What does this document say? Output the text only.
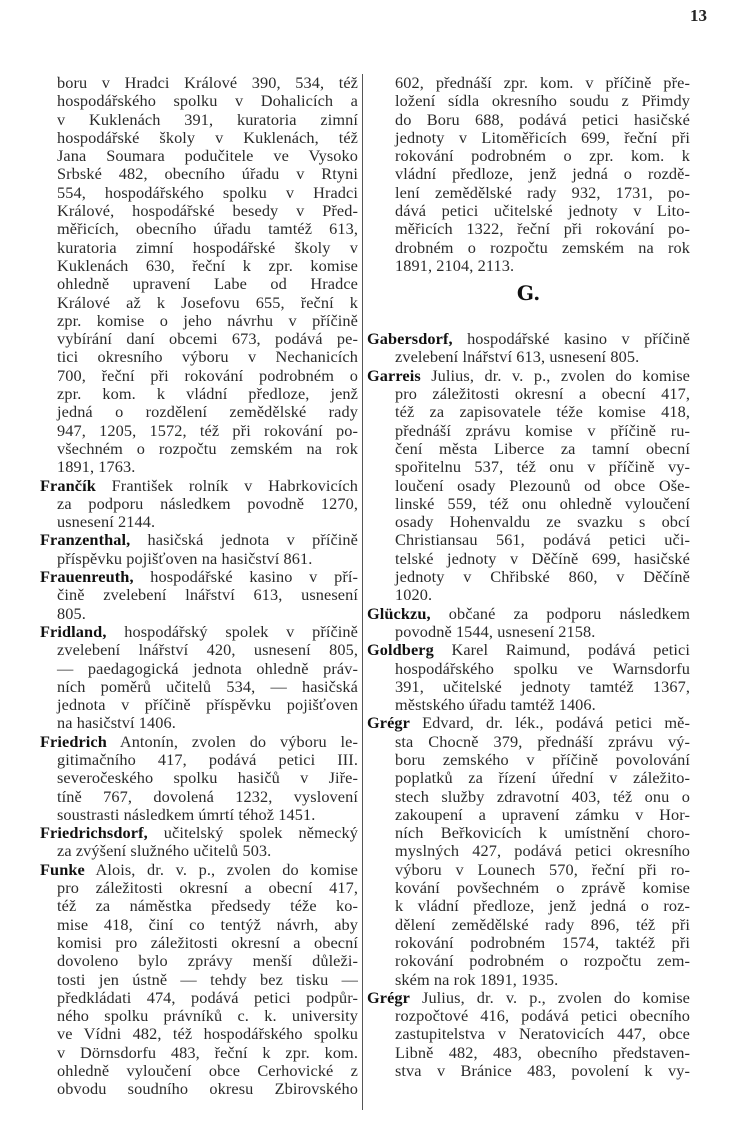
13
boru v Hradci Králové 390, 534, též
hospodářského spolku v Dohalicích a
v Kuklenách 391, kuratoria zimní
hospodářské školy v Kuklenách, též
Jana Soumara podučitele ve Vysoko
Srbské 482, obecního úřadu v Rtyni
554, hospodářského spolku v Hradci
Králové, hospodářské besedy v Před-
měřicích, obecního úřadu tamtéž 613,
kuratoria zimní hospodářské školy v
Kuklenách 630, řeční k zpr. komise
ohledně upravení Labe od Hradce
Králové až k Josefovu 655, řeční k
zpr. komise o jeho návrhu v příčině
vybírání daní obcemi 673, podává pe-
tici okresního výboru v Nechanicích
700, řeční při rokování podrobném o
zpr. kom. k vládní předloze, jenž
jedná o rozdělení zemědělské rady
947, 1205, 1572, též při rokování po-
všechném o rozpočtu zemském na rok
1891, 1763.
Frančík František rolník v Habrkovicích
za podporu následkem povodně 1270,
usnesení 2144.
Franzenthal, hasičská jednota v příčině
příspěvku pojišťoven na hasičství 861.
Frauenreuth, hospodářské kasino v pří-
čině zvelebení lnářství 613, usnesení
805.
Fridland, hospodářský spolek v příčině
zvelebení lnářství 420, usnesení 805,
— paedagogická jednota ohledně práv-
ních poměrů učitelů 534, — hasičská
jednota v příčině příspěvku pojišťoven
na hasičství 1406.
Friedrich Antonín, zvolen do výboru le-
gitimačního 417, podává petici III.
severočeského spolku hasičů v Jiře-
tíně 767, dovolená 1232, vyslovení
soustrasti následkem úmrtí téhož 1451.
Friedrichsdorf, učitelský spolek německý
za zvýšení služného učitelů 503.
Funke Alois, dr. v. p., zvolen do komise
pro záležitosti okresní a obecní 417,
též za náměstka předsedy téže ko-
mise 418, činí co tentýž návrh, aby
komisi pro záležitosti okresní a obecní
dovoleno bylo zprávy menší důleži-
tosti jen ústně — tehdy bez tisku —
předkládati 474, podává petici podpůr-
ného spolku právníků c. k. university
ve Vídni 482, též hospodářského spolku
v Dörnsdorfu 483, řeční k zpr. kom.
ohledně vyloučení obce Cerhovické z
obvodu soudního okresu Zbirovského
602, přednáší zpr. kom. v příčině pře-
ložení sídla okresního soudu z Přimdy
do Boru 688, podává petici hasičské
jednoty v Litoměřicích 699, řeční při
rokování podrobném o zpr. kom. k
vládní předloze, jenž jedná o rozdě-
lení zemědělské rady 932, 1731, po-
dává petici učitelské jednoty v Lito-
měřicích 1322, řeční při rokování po-
drobném o rozpočtu zemském na rok
1891, 2104, 2113.
G.
Gabersdorf, hospodářské kasino v příčině
zvelebení lnářství 613, usnesení 805.
Garreis Julius, dr. v. p., zvolen do komise
pro záležitosti okresní a obecní 417,
též za zapisovatele téže komise 418,
přednáší zprávu komise v příčině ru-
čení města Liberce za tamní obecní
spořitelnu 537, též onu v příčině vy-
loučení osady Plezounů od obce Oše-
linské 559, též onu ohledně vyloučení
osady Hohenvaldu ze svazku s obcí
Christiansau 561, podává petici uči-
telské jednoty v Děčíně 699, hasičské
jednoty v Chřibské 860, v Děčíně
1020.
Glückzu, občané za podporu následkem
povodně 1544, usnesení 2158.
Goldberg Karel Raimund, podává petici
hospodářského spolku ve Warnsdorfu
391, učitelské jednoty tamtéž 1367,
městského úřadu tamtéž 1406.
Grégr Edvard, dr. lék., podává petici mě-
sta Chocně 379, přednáší zprávu vý-
boru zemského v příčině povolování
poplatků za řízení úřední v záležito-
stech služby zdravotní 403, též onu o
zakoupení a upravení zámku v Hor-
ních Beřkovicích k umístnění choro-
myslných 427, podává petici okresního
výboru v Lounech 570, řeční při ro-
kování povšechném o zprávě komise
k vládní předloze, jenž jedná o roz-
dělení zemědělské rady 896, též při
rokování podrobném 1574, taktéž při
rokování podrobném o rozpočtu zem-
ském na rok 1891, 1935.
Grégr Julius, dr. v. p., zvolen do komise
rozpočtové 416, podává petici obecního
zastupitelstva v Neratovicích 447, obce
Libně 482, 483, obecního představen-
stva v Bránice 483, povolení k vy-
